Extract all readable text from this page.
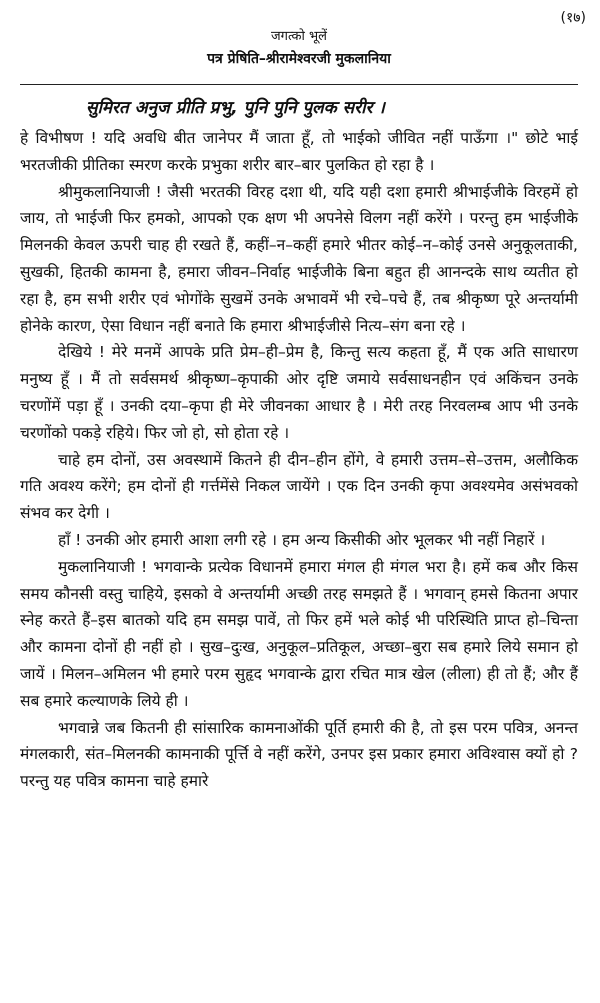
(१७)
जगत्को भूलें
पत्र प्रेषिति–श्रीरामेश्वरजी मुकलानिया
सुमिरत अनुज प्रीति प्रभु, पुनि पुनि पुलक सरीर ।

हे विभीषण ! यदि अवधि बीत जानेपर मैं जाता हूँ, तो भाईको जीवित नहीं पाऊँगा ।" छोटे भाई भरतजीकी प्रीतिका स्मरण करके प्रभुका शरीर बार–बार पुलकित हो रहा है ।

श्रीमुकलानियाजी ! जैसी भरतकी विरह दशा थी, यदि यही दशा हमारी श्रीभाईजीके विरहमें हो जाय, तो भाईजी फिर हमको, आपको एक क्षण भी अपनेसे विलग नहीं करेंगे । परन्तु हम भाईजीके मिलनकी केवल ऊपरी चाह ही रखते हैं, कहीं–न–कहीं हमारे भीतर कोई–न–कोई उनसे अनुकूलताकी, सुखकी, हितकी कामना है, हमारा जीवन–निर्वाह भाईजीके बिना बहुत ही आनन्दके साथ व्यतीत हो रहा है, हम सभी शरीर एवं भोगोंके सुखमें उनके अभावमें भी रचे–पचे हैं, तब श्रीकृष्ण पूरे अन्तर्यामी होनेके कारण, ऐसा विधान नहीं बनाते कि हमारा श्रीभाईजीसे नित्य–संग बना रहे ।

देखिये ! मेरे मनमें आपके प्रति प्रेम–ही–प्रेम है, किन्तु सत्य कहता हूँ, मैं एक अति साधारण मनुष्य हूँ । मैं तो सर्वसमर्थ श्रीकृष्ण–कृपाकी ओर दृष्टि जमाये सर्वसाधनहीन एवं अकिंचन उनके चरणोंमें पड़ा हूँ । उनकी दया–कृपा ही मेरे जीवनका आधार है । मेरी तरह निरवलम्ब आप भी उनके चरणोंको पकड़े रहिये। फिर जो हो, सो होता रहे ।

चाहे हम दोनों, उस अवस्थामें कितने ही दीन–हीन होंगे, वे हमारी उत्तम–से–उत्तम, अलौकिक गति अवश्य करेंगे; हम दोनों ही गर्त्तमेंसे निकल जायेंगे । एक दिन उनकी कृपा अवश्यमेव असंभवको संभव कर देगी ।

हाँ ! उनकी ओर हमारी आशा लगी रहे । हम अन्य किसीकी ओर भूलकर भी नहीं निहारें ।

मुकलानियाजी ! भगवान्के प्रत्येक विधानमें हमारा मंगल ही मंगल भरा है। हमें कब और किस समय कौनसी वस्तु चाहिये, इसको वे अन्तर्यामी अच्छी तरह समझते हैं । भगवान् हमसे कितना अपार स्नेह करते हैं–इस बातको यदि हम समझ पावें, तो फिर हमें भले कोई भी परिस्थिति प्राप्त हो–चिन्ता और कामना दोनों ही नहीं हो । सुख–दुःख, अनुकूल–प्रतिकूल, अच्छा–बुरा सब हमारे लिये समान हो जायें । मिलन–अमिलन भी हमारे परम सुहृद भगवान्के द्वारा रचित मात्र खेल (लीला) ही तो हैं; और हैं सब हमारे कल्याणके लिये ही ।

भगवान्ने जब कितनी ही सांसारिक कामनाओंकी पूर्ति हमारी की है, तो इस परम पवित्र, अनन्त मंगलकारी, संत–मिलनकी कामनाकी पूर्त्ति वे नहीं करेंगे, उनपर इस प्रकार हमारा अविश्वास क्यों हो ? परन्तु यह पवित्र कामना चाहे हमारे
